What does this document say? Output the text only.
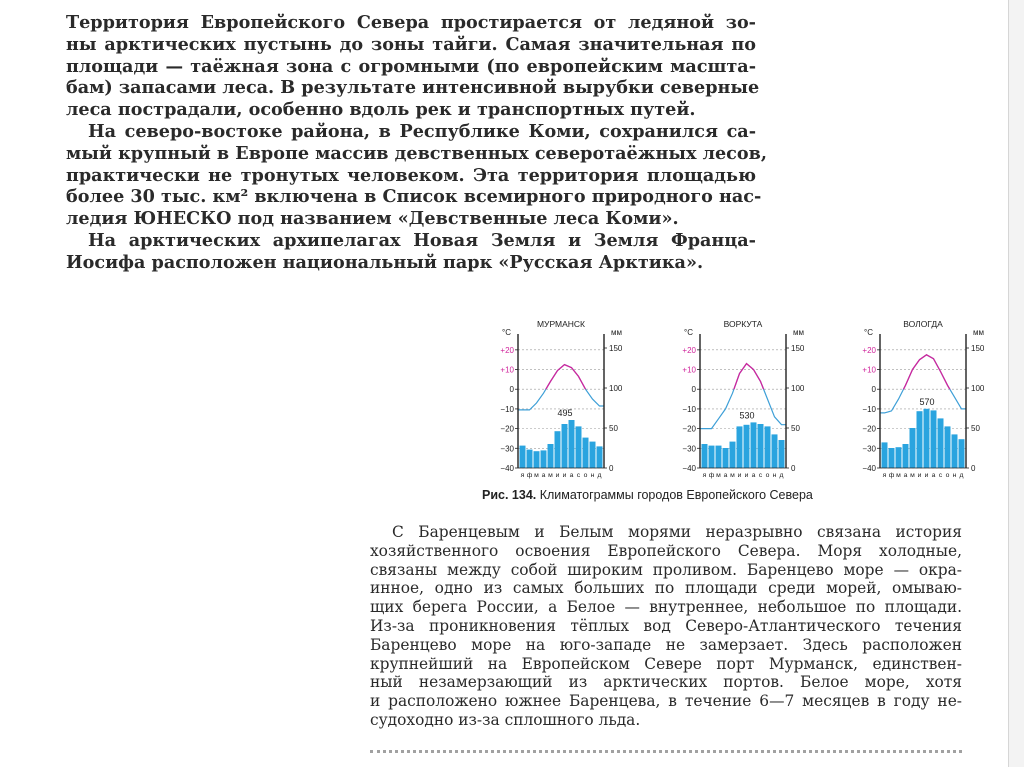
Территория Европейского Севера простирается от ледяной зо-
ны арктических пустынь до зоны тайги. Самая значительная по
площади — таёжная зона с огромными (по европейским масшта-
бам) запасами леса. В результате интенсивной вырубки северные
леса пострадали, особенно вдоль рек и транспортных путей.
На северо-востоке района, в Республике Коми, сохранился са-
мый крупный в Европе массив девственных северотаёжных лесов,
практически не тронутых человеком. Эта территория площадью
более 30 тыс. км² включена в Список всемирного природного нас-
ледия ЮНЕСКО под названием «Девственные леса Коми».
На арктических архипелагах Новая Земля и Земля Франца-
Иосифа расположен национальный парк «Русская Арктика».
МУРМАНСК
°C	мм
+20
+10
0
−10
−20
−30
−40
150
100
50
0
495
я ф м а м и и а с о н д
ВОРКУТА
°C	мм
+20
+10
0
−10
−20
−30
−40
150
100
50
0
530
я ф м а м и и а с о н д
ВОЛОГДА
°C	мм
+20
+10
0
−10
−20
−30
−40
150
100
50
0
570
я ф м а м и и а с о н д
Рис. 134. Климатограммы городов Европейского Севера
С Баренцевым и Белым морями неразрывно связана история
хозяйственного освоения Европейского Севера. Моря холодные,
связаны между собой широким проливом. Баренцево море — окра-
инное, одно из самых больших по площади среди морей, омываю-
щих берега России, а Белое — внутреннее, небольшое по площади.
Из-за проникновения тёплых вод Северо-Атлантического течения
Баренцево море на юго-западе не замерзает. Здесь расположен
крупнейший на Европейском Севере порт Мурманск, единствен-
ный незамерзающий из арктических портов. Белое море, хотя
и расположено южнее Баренцева, в течение 6—7 месяцев в году не-
судоходно из-за сплошного льда.
